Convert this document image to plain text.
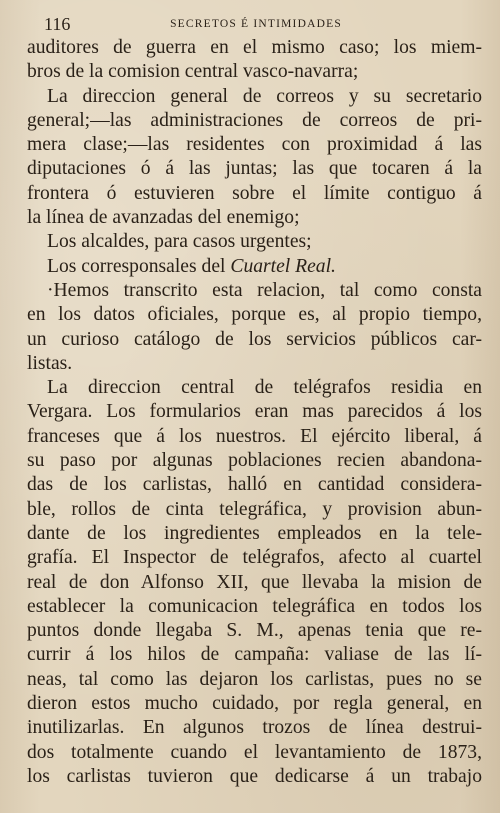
116	SECRETOS É INTIMIDADES
auditores de guerra en el mismo caso; los miem-
bros de la comision central vasco-navarra;
La direccion general de correos y su secretario
general;—las administraciones de correos de pri-
mera clase;—las residentes con proximidad á las
diputaciones ó á las juntas; las que tocaren á la
frontera ó estuvieren sobre el límite contiguo á
la línea de avanzadas del enemigo;
Los alcaldes, para casos urgentes;
Los corresponsales del Cuartel Real.
·Hemos transcrito esta relacion, tal como consta
en los datos oficiales, porque es, al propio tiempo,
un curioso catálogo de los servicios públicos car-
listas.
La direccion central de telégrafos residia en
Vergara. Los formularios eran mas parecidos á los
franceses que á los nuestros. El ejército liberal, á
su paso por algunas poblaciones recien abandona-
das de los carlistas, halló en cantidad considera-
ble, rollos de cinta telegráfica, y provision abun-
dante de los ingredientes empleados en la tele-
grafía. El Inspector de telégrafos, afecto al cuartel
real de don Alfonso XII, que llevaba la mision de
establecer la comunicacion telegráfica en todos los
puntos donde llegaba S. M., apenas tenia que re-
currir á los hilos de campaña: valiase de las lí-
neas, tal como las dejaron los carlistas, pues no se
dieron estos mucho cuidado, por regla general, en
inutilizarlas. En algunos trozos de línea destrui-
dos totalmente cuando el levantamiento de 1873,
los carlistas tuvieron que dedicarse á un trabajo
